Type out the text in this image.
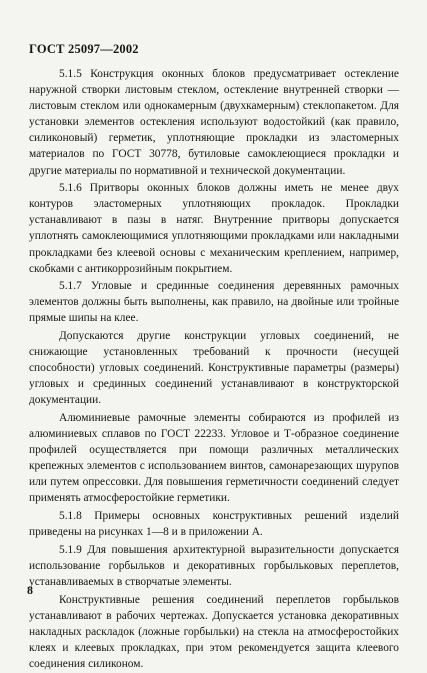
ГОСТ 25097—2002

5.1.5 Конструкция оконных блоков предусматривает остекление наружной створки листовым стеклом, остекление внутренней створки — листовым стеклом или однокамерным (двухкамерным) стеклопакетом. Для установки элементов остекления используют водостойкий (как правило, силиконовый) герметик, уплотняющие прокладки из эластомерных материалов по ГОСТ 30778, бутиловые самоклеющиеся прокладки и другие материалы по нормативной и технической документации.

5.1.6 Притворы оконных блоков должны иметь не менее двух контуров эластомерных уплотняющих прокладок. Прокладки устанавливают в пазы в натяг. Внутренние притворы допускается уплотнять самоклеющимися уплотняющими прокладками или накладными прокладками без клеевой основы с механическим креплением, например, скобками с антикоррозийным покрытием.

5.1.7 Угловые и срединные соединения деревянных рамочных элементов должны быть выполнены, как правило, на двойные или тройные прямые шипы на клее.

Допускаются другие конструкции угловых соединений, не снижающие установленных требований к прочности (несущей способности) угловых соединений. Конструктивные параметры (размеры) угловых и срединных соединений устанавливают в конструкторской документации.

Алюминиевые рамочные элементы собираются из профилей из алюминиевых сплавов по ГОСТ 22233. Угловое и Т-образное соединение профилей осуществляется при помощи различных металлических крепежных элементов с использованием винтов, самонарезающих шурупов или путем опрессовки. Для повышения герметичности соединений следует применять атмосферостойкие герметики.

5.1.8 Примеры основных конструктивных решений изделий приведены на рисунках 1—8 и в приложении А.

5.1.9 Для повышения архитектурной выразительности допускается использование горбыльков и декоративных горбыльковых переплетов, устанавливаемых в створчатые элементы.

Конструктивные решения соединений переплетов горбыльков устанавливают в рабочих чертежах. Допускается установка декоративных накладных раскладок (ложные горбыльки) на стекла на атмосферостойких клеях и клеевых прокладках, при этом рекомендуется защита клеевого соединения силиконом.

8
